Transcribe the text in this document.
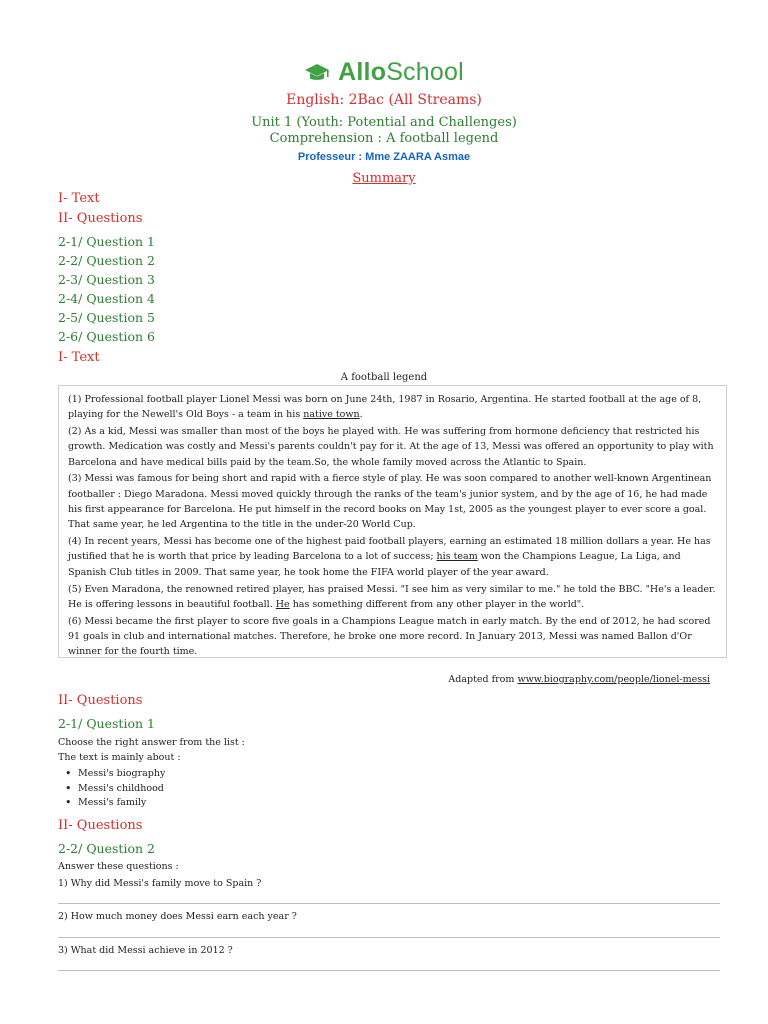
AlloSchool
English: 2Bac (All Streams)
Unit 1 (Youth: Potential and Challenges)
Comprehension : A football legend
Professeur : Mme ZAARA Asmae
Summary
I- Text
II- Questions
2-1/ Question 1
2-2/ Question 2
2-3/ Question 3
2-4/ Question 4
2-5/ Question 5
2-6/ Question 6
I- Text
A football legend

(1) Professional football player Lionel Messi was born on June 24th, 1987 in Rosario, Argentina. He started football at the age of 8, playing for the Newell's Old Boys - a team in his native town.

(2) As a kid, Messi was smaller than most of the boys he played with. He was suffering from hormone deficiency that restricted his growth. Medication was costly and Messi's parents couldn't pay for it. At the age of 13, Messi was offered an opportunity to play with Barcelona and have medical bills paid by the team.So, the whole family moved across the Atlantic to Spain.

(3) Messi was famous for being short and rapid with a fierce style of play. He was soon compared to another well-known Argentinean footballer : Diego Maradona. Messi moved quickly through the ranks of the team's junior system, and by the age of 16, he had made his first appearance for Barcelona. He put himself in the record books on May 1st, 2005 as the youngest player to ever score a goal. That same year, he led Argentina to the title in the under-20 World Cup.

(4) In recent years, Messi has become one of the highest paid football players, earning an estimated 18 million dollars a year. He has justified that he is worth that price by leading Barcelona to a lot of success; his team won the Champions League, La Liga, and Spanish Club titles in 2009. That same year, he took home the FIFA world player of the year award.

(5) Even Maradona, the renowned retired player, has praised Messi. "I see him as very similar to me." he told the BBC. "He's a leader. He is offering lessons in beautiful football. He has something different from any other player in the world".

(6) Messi became the first player to score five goals in a Champions League match in early match. By the end of 2012, he had scored 91 goals in club and international matches. Therefore, he broke one more record. In January 2013, Messi was named Ballon d'Or winner for the fourth time.

Adapted from www.biography.com/people/lionel-messi
II- Questions
2-1/ Question 1
Choose the right answer from the list :
The text is mainly about :
• Messi's biography
• Messi's childhood
• Messi's family
II- Questions
2-2/ Question 2
Answer these questions :
1) Why did Messi's family move to Spain ?
2) How much money does Messi earn each year ?
3) What did Messi achieve in 2012 ?
